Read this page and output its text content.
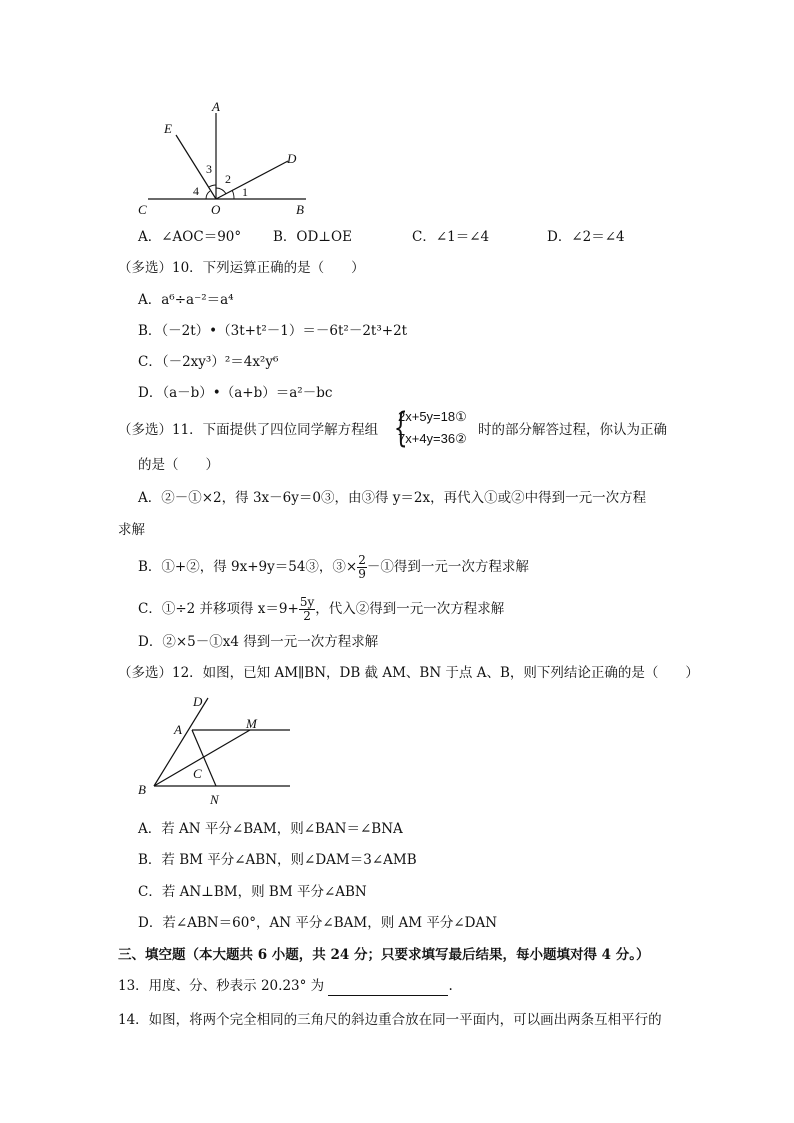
A
E
D
C	O	B
1
2
3
4
A．∠AOC＝90° B．OD⊥OE	C．∠1＝∠4	D．∠2＝∠4
（多选）10．下列运算正确的是（　　）
A．a⁶÷a⁻²＝a⁴
B．（－2t）•（3t+t²－1）＝－6t²－2t³+2t
C．（－2xy³）²＝4x²y⁶
D．（a－b）•（a+b）＝a²－bc
（多选）11．下面提供了四位同学解方程组 {
2x+5y=18①
7x+4y=36②
时的部分解答过程，你认为正确
的是（　　）
A．②－①×2，得 3x－6y＝0③，由③得 y＝2x，再代入①或②中得到一元一次方程
求解
B．①+②，得 9x+9y＝54③，③× $\frac{2}{9}$ －①得到一元一次方程求解
C．①÷2 并移项得 $x=9+ \frac{5y}{2}$ ，代入②得到一元一次方程求解
D．②×5－①x4 得到一元一次方程求解
（多选）12．如图，已知 AM∥BN，DB 截 AM、BN 于点 A、B，则下列结论正确的是（　　）
D
A	M
C
B
N
A．若 AN 平分∠BAM，则∠BAN＝∠BNA
B．若 BM 平分∠ABN，则∠DAM＝3∠AMB
C．若 AN⊥BM，则 BM 平分∠ABN
D．若∠ABN＝60°，AN 平分∠BAM，则 AM 平分∠DAN
三、填空题（本大题共 6 小题，共 24 分；只要求填写最后结果，每小题填对得 4 分。）
13．用度、分、秒表示 20.23° 为	.
14．如图，将两个完全相同的三角尺的斜边重合放在同一平面内，可以画出两条互相平行的
